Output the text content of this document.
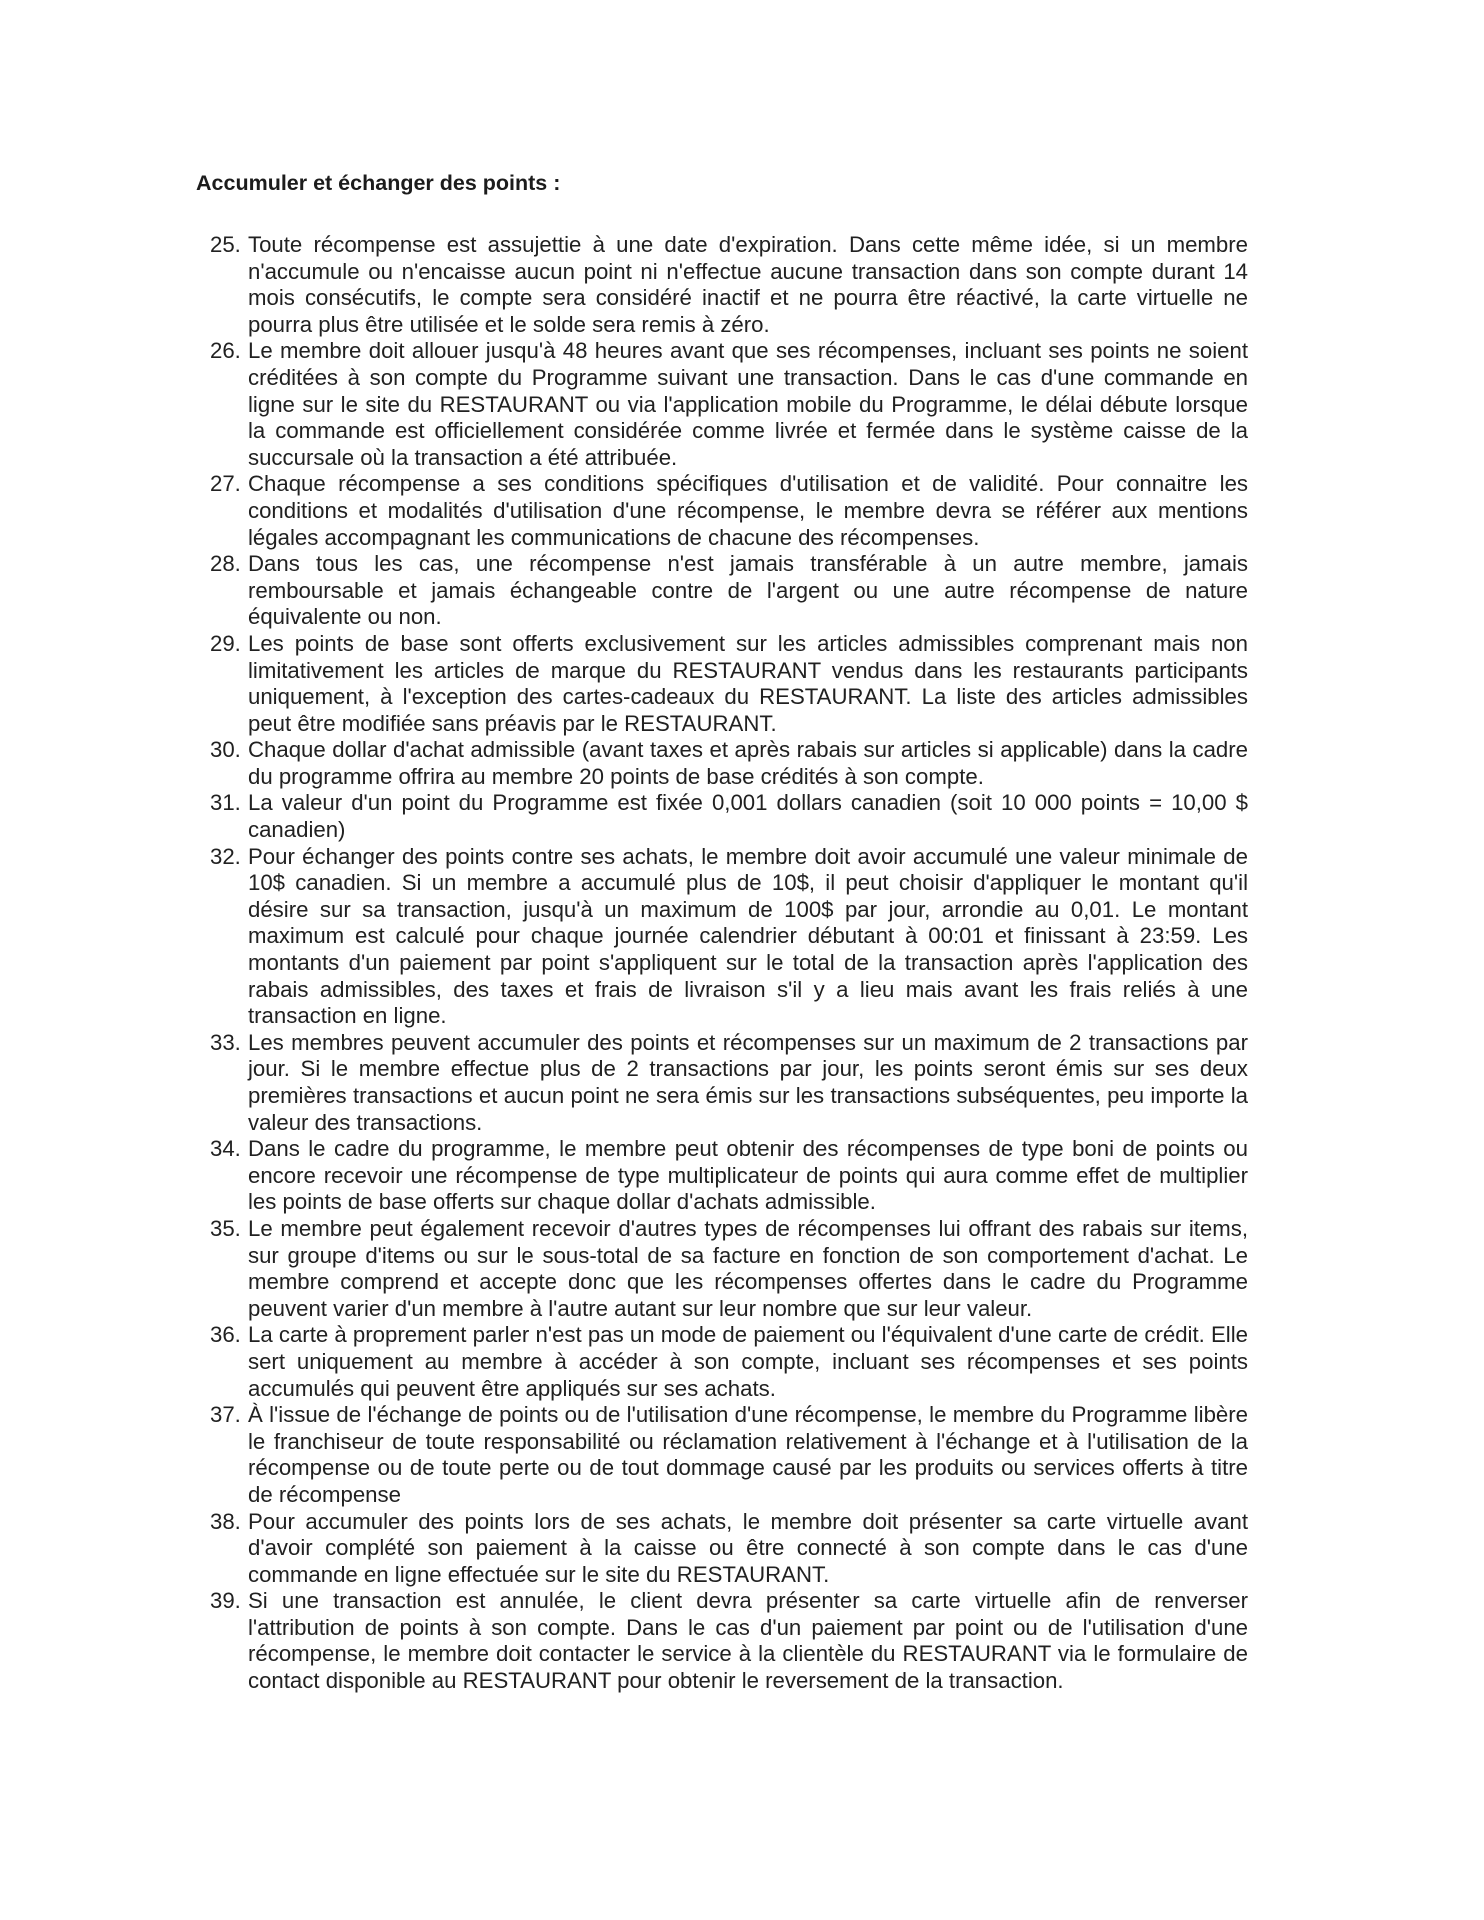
Accumuler et échanger des points :
25. Toute récompense est assujettie à une date d'expiration. Dans cette même idée, si un membre n'accumule ou n'encaisse aucun point ni n'effectue aucune transaction dans son compte durant 14 mois consécutifs, le compte sera considéré inactif et ne pourra être réactivé, la carte virtuelle ne pourra plus être utilisée et le solde sera remis à zéro.
26. Le membre doit allouer jusqu'à 48 heures avant que ses récompenses, incluant ses points ne soient créditées à son compte du Programme suivant une transaction. Dans le cas d'une commande en ligne sur le site du RESTAURANT ou via l'application mobile du Programme, le délai débute lorsque la commande est officiellement considérée comme livrée et fermée dans le système caisse de la succursale où la transaction a été attribuée.
27. Chaque récompense a ses conditions spécifiques d'utilisation et de validité. Pour connaitre les conditions et modalités d'utilisation d'une récompense, le membre devra se référer aux mentions légales accompagnant les communications de chacune des récompenses.
28. Dans tous les cas, une récompense n'est jamais transférable à un autre membre, jamais remboursable et jamais échangeable contre de l'argent ou une autre récompense de nature équivalente ou non.
29. Les points de base sont offerts exclusivement sur les articles admissibles comprenant mais non limitativement les articles de marque du RESTAURANT vendus dans les restaurants participants uniquement, à l'exception des cartes-cadeaux du RESTAURANT. La liste des articles admissibles peut être modifiée sans préavis par le RESTAURANT.
30. Chaque dollar d'achat admissible (avant taxes et après rabais sur articles si applicable) dans la cadre du programme offrira au membre 20 points de base crédités à son compte.
31. La valeur d'un point du Programme est fixée 0,001 dollars canadien (soit 10 000 points = 10,00 $ canadien)
32. Pour échanger des points contre ses achats, le membre doit avoir accumulé une valeur minimale de 10$ canadien. Si un membre a accumulé plus de 10$, il peut choisir d'appliquer le montant qu'il désire sur sa transaction, jusqu'à un maximum de 100$ par jour, arrondie au 0,01. Le montant maximum est calculé pour chaque journée calendrier débutant à 00:01 et finissant à 23:59. Les montants d'un paiement par point s'appliquent sur le total de la transaction après l'application des rabais admissibles, des taxes et frais de livraison s'il y a lieu mais avant les frais reliés à une transaction en ligne.
33. Les membres peuvent accumuler des points et récompenses sur un maximum de 2 transactions par jour. Si le membre effectue plus de 2 transactions par jour, les points seront émis sur ses deux premières transactions et aucun point ne sera émis sur les transactions subséquentes, peu importe la valeur des transactions.
34. Dans le cadre du programme, le membre peut obtenir des récompenses de type boni de points ou encore recevoir une récompense de type multiplicateur de points qui aura comme effet de multiplier les points de base offerts sur chaque dollar d'achats admissible.
35. Le membre peut également recevoir d'autres types de récompenses lui offrant des rabais sur items, sur groupe d'items ou sur le sous-total de sa facture en fonction de son comportement d'achat. Le membre comprend et accepte donc que les récompenses offertes dans le cadre du Programme peuvent varier d'un membre à l'autre autant sur leur nombre que sur leur valeur.
36. La carte à proprement parler n'est pas un mode de paiement ou l'équivalent d'une carte de crédit. Elle sert uniquement au membre à accéder à son compte, incluant ses récompenses et ses points accumulés qui peuvent être appliqués sur ses achats.
37. À l'issue de l'échange de points ou de l'utilisation d'une récompense, le membre du Programme libère le franchiseur de toute responsabilité ou réclamation relativement à l'échange et à l'utilisation de la récompense ou de toute perte ou de tout dommage causé par les produits ou services offerts à titre de récompense
38. Pour accumuler des points lors de ses achats, le membre doit présenter sa carte virtuelle avant d'avoir complété son paiement à la caisse ou être connecté à son compte dans le cas d'une commande en ligne effectuée sur le site du RESTAURANT.
39. Si une transaction est annulée, le client devra présenter sa carte virtuelle afin de renverser l'attribution de points à son compte. Dans le cas d'un paiement par point ou de l'utilisation d'une récompense, le membre doit contacter le service à la clientèle du RESTAURANT via le formulaire de contact disponible au RESTAURANT pour obtenir le reversement de la transaction.
